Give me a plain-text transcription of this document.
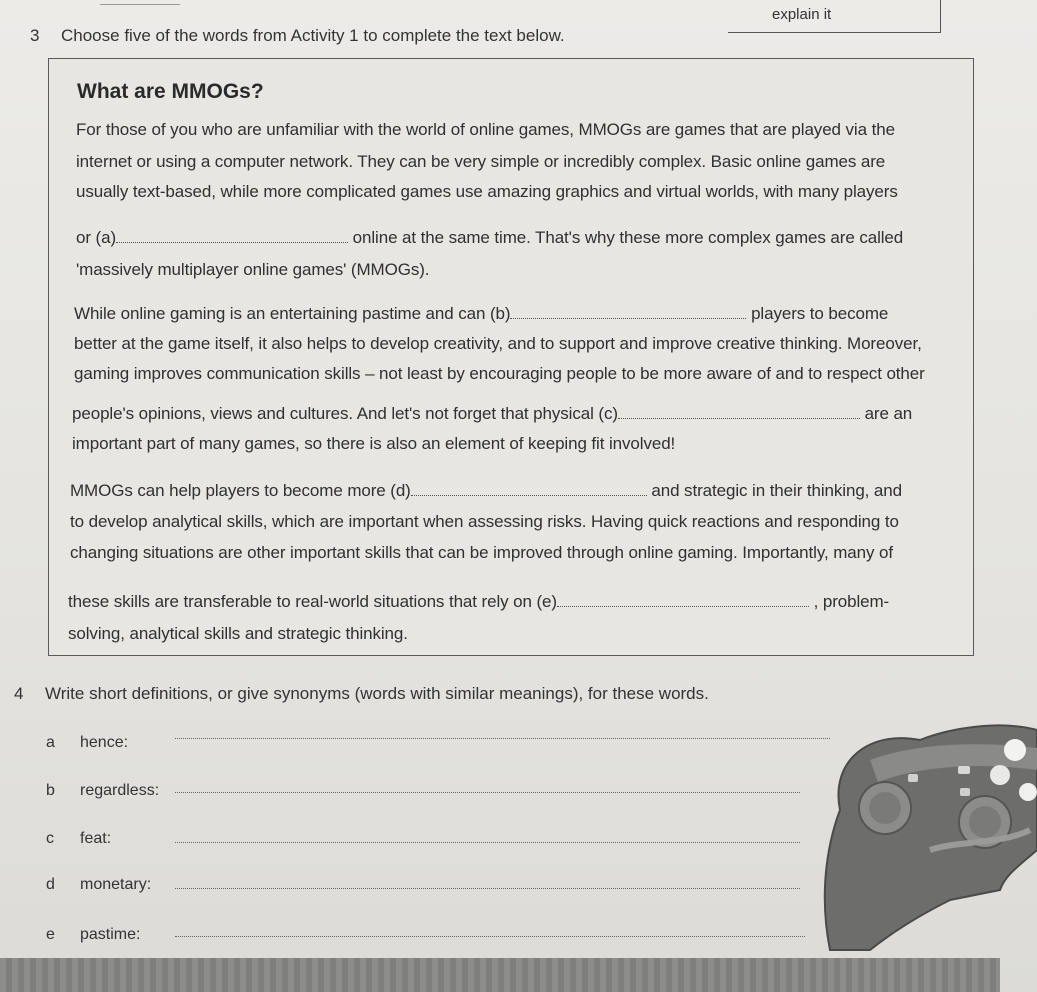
explain it
3 Choose five of the words from Activity 1 to complete the text below.
What are MMOGs?
For those of you who are unfamiliar with the world of online games, MMOGs are games that are played via the
internet or using a computer network. They can be very simple or incredibly complex. Basic online games are
usually text-based, while more complicated games use amazing graphics and virtual worlds, with many players
or (a)	online at the same time. That's why these more complex games are called
'massively multiplayer online games' (MMOGs).
While online gaming is an entertaining pastime and can (b)	players to become
better at the game itself, it also helps to develop creativity, and to support and improve creative thinking. Moreover,
gaming improves communication skills – not least by encouraging people to be more aware of and to respect other
people's opinions, views and cultures. And let's not forget that physical (c)	are an
important part of many games, so there is also an element of keeping fit involved!
MMOGs can help players to become more (d)	and strategic in their thinking, and
to develop analytical skills, which are important when assessing risks. Having quick reactions and responding to
changing situations are other important skills that can be improved through online gaming. Importantly, many of
these skills are transferable to real-world situations that rely on (e)	, problem-
solving, analytical skills and strategic thinking.
4 Write short definitions, or give synonyms (words with similar meanings), for these words.
a hence:
b regardless:
c feat:
d monetary:
e pastime:
